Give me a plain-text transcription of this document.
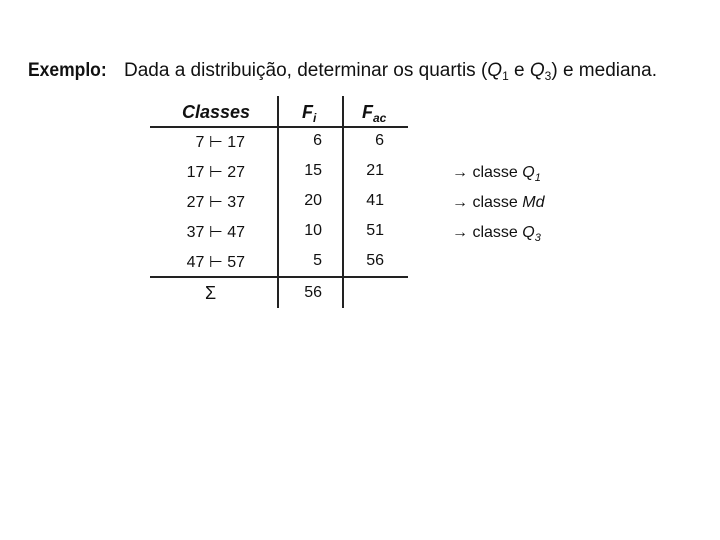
Exemplo: Dada a distribuição, determinar os quartis ($Q_1$ e $Q_3$) e mediana.
Classes	$F_i$	$F_{ac}$
7 ⊢ 17	6	6
17 ⊢ 27	15	21
27 ⊢ 37	20	41
37 ⊢ 47	10	51
47 ⊢ 57	5	56
Σ	56
→ classe $Q_1$
→ classe Md
→ classe $Q_3$
